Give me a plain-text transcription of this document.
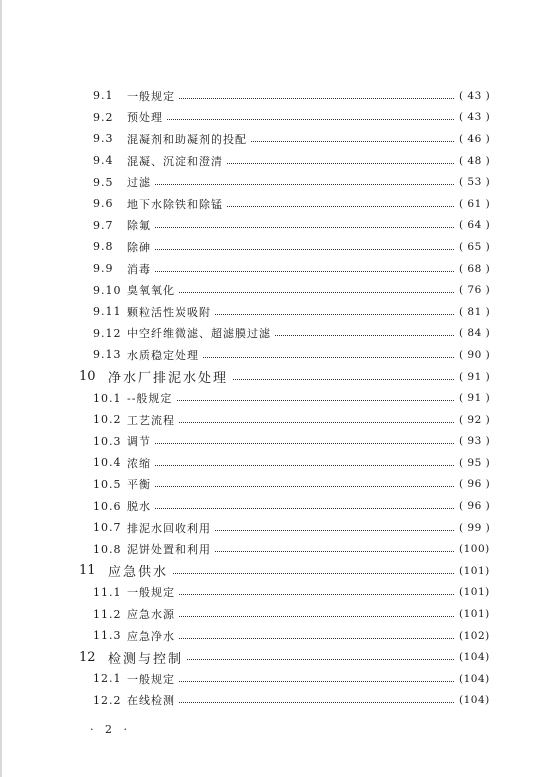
9.1 一般规定	( 43 )
9.2 预处理	( 43 )
9.3 混凝剂和助凝剂的投配	( 46 )
9.4 混凝、沉淀和澄清	( 48 )
9.5 过滤	( 53 )
9.6 地下水除铁和除锰	( 61 )
9.7 除氟	( 64 )
9.8 除砷	( 65 )
9.9 消毒	( 68 )
9.10 臭氧氧化	( 76 )
9.11 颗粒活性炭吸附	( 81 )
9.12 中空纤维微滤、超滤膜过滤	( 84 )
9.13 水质稳定处理	( 90 )
10 净水厂排泥水处理	( 91 )
10.1 --般规定	( 91 )
10.2 工艺流程	( 92 )
10.3 调节	( 93 )
10.4 浓缩	( 95 )
10.5 平衡	( 96 )
10.6 脱水	( 96 )
10.7 排泥水回收利用	( 99 )
10.8 泥饼处置和利用	(100)
11 应急供水	(101)
11.1 一般规定	(101)
11.2 应急水源	(101)
11.3 应急净水	(102)
12 检测与控制	(104)
12.1 一般规定	(104)
12.2 在线检测	(104)
· 2 ·
